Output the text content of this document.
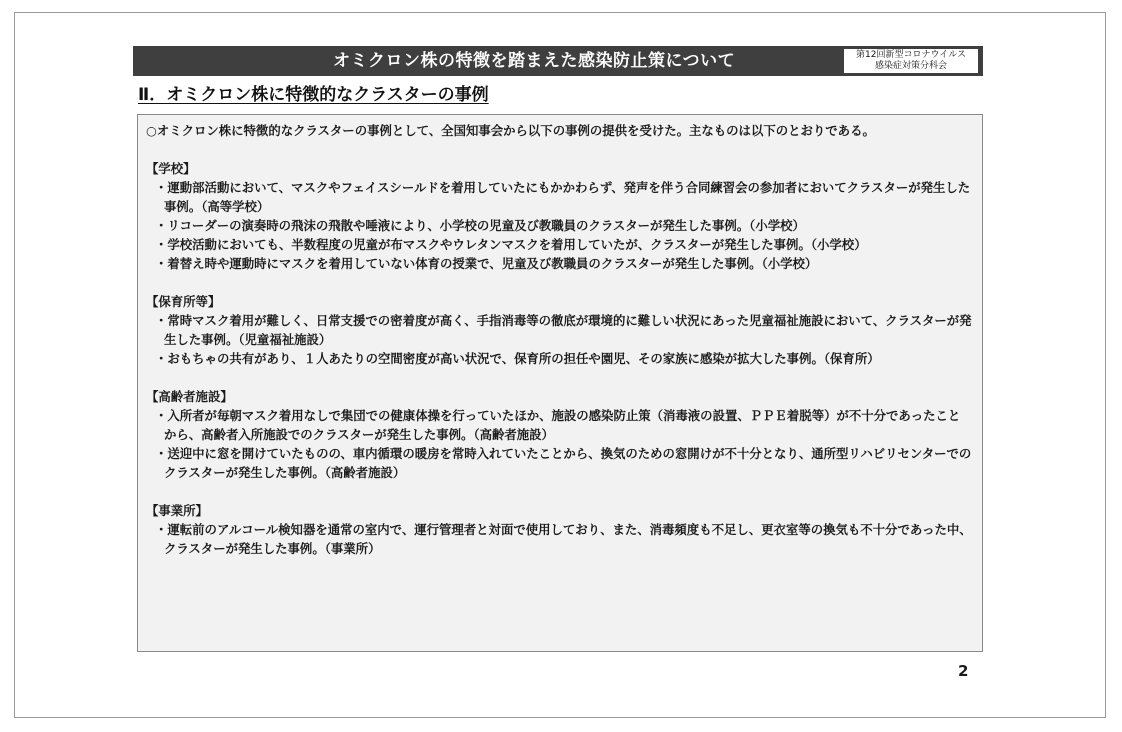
オミクロン株の特徴を踏まえた感染防止策について	第12回新型コロナウイルス
感染症対策分科会
Ⅱ．オミクロン株に特徴的なクラスターの事例

○オミクロン株に特徴的なクラスターの事例として、全国知事会から以下の事例の提供を受けた。主なものは以下のとおりである。

【学校】

・運動部活動において、マスクやフェイスシールドを着用していたにもかかわらず、発声を伴う合同練習会の参加者においてクラスターが発生した事例。（高等学校）

・リコーダーの演奏時の飛沫の飛散や唾液により、小学校の児童及び教職員のクラスターが発生した事例。（小学校）

・学校活動においても、半数程度の児童が布マスクやウレタンマスクを着用していたが、クラスターが発生した事例。（小学校）

・着替え時や運動時にマスクを着用していない体育の授業で、児童及び教職員のクラスターが発生した事例。（小学校）

【保育所等】

・常時マスク着用が難しく、日常支援での密着度が高く、手指消毒等の徹底が環境的に難しい状況にあった児童福祉施設において、クラスターが発生した事例。（児童福祉施設）

・おもちゃの共有があり、１人あたりの空間密度が高い状況で、保育所の担任や園児、その家族に感染が拡大した事例。（保育所）

【高齢者施設】

・入所者が毎朝マスク着用なしで集団での健康体操を行っていたほか、施設の感染防止策（消毒液の設置、ＰＰＥ着脱等）が不十分であったことから、高齢者入所施設でのクラスターが発生した事例。（高齢者施設）

・送迎中に窓を開けていたものの、車内循環の暖房を常時入れていたことから、換気のための窓開けが不十分となり、通所型リハビリセンターでのクラスターが発生した事例。（高齢者施設）

【事業所】

・運転前のアルコール検知器を通常の室内で、運行管理者と対面で使用しており、また、消毒頻度も不足し、更衣室等の換気も不十分であった中、クラスターが発生した事例。（事業所）

2
